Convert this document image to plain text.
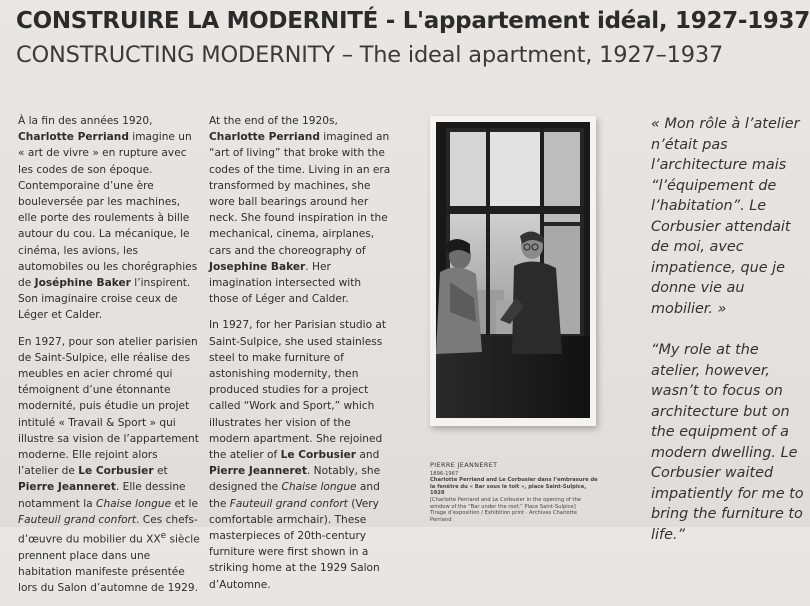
CONSTRUIRE LA MODERNITÉ - L'appartement idéal, 1927-1937
CONSTRUCTING MODERNITY – The ideal apartment, 1927–1937

À la fin des années 1920, Charlotte Perriand imagine un « art de vivre » en rupture avec les codes de son époque. Contemporaine d’une ère bouleversée par les machines, elle porte des roulements à bille autour du cou. La mécanique, le cinéma, les avions, les automobiles ou les chorégraphies de Joséphine Baker l’inspirent. Son imaginaire croise ceux de Léger et Calder.

En 1927, pour son atelier parisien de Saint-Sulpice, elle réalise des meubles en acier chromé qui témoignent d’une étonnante modernité, puis étudie un projet intitulé « Travail & Sport » qui illustre sa vision de l’appartement moderne. Elle rejoint alors l’atelier de Le Corbusier et Pierre Jeanneret. Elle dessine notamment la Chaise longue et le Fauteuil grand confort. Ces chefs-d’œuvre du mobilier du XXe siècle prennent place dans une habitation manifeste présentée lors du Salon d’automne de 1929.

At the end of the 1920s, Charlotte Perriand imagined an “art of living” that broke with the codes of the time. Living in an era transformed by machines, she wore ball bearings around her neck. She found inspiration in the mechanical, cinema, airplanes, cars and the choreography of Josephine Baker. Her imagination intersected with those of Léger and Calder.

In 1927, for her Parisian studio at Saint-Sulpice, she used stainless steel to make furniture of astonishing modernity, then produced studies for a project called “Work and Sport,” which illustrates her vision of the modern apartment. She rejoined the atelier of Le Corbusier and Pierre Jeanneret. Notably, she designed the Chaise longue and the Fauteuil grand confort (Very comfortable armchair). These masterpieces of 20th-century furniture were first shown in a striking home at the 1929 Salon d’Automne.

PIERRE JEANNERET
1896-1967
Charlotte Perriand and Le Corbusier dans l’embrasure de la fenêtre du « Bar sous le toit », place Saint-Sulpice, 1928
[Charlotte Perriand and Le Corbusier in the opening of the window of the “Bar under the roof,” Place Saint-Sulpice]
Tirage d’exposition / Exhibition print · Archives Charlotte Perriand
« Mon rôle à l’atelier n’était pas l’architecture mais “l’équipement de l’habitation”. Le Corbusier attendait de moi, avec impatience, que je donne vie au mobilier. »
“My role at the atelier, however, wasn’t to focus on architecture but on the equipment of a modern dwelling. Le Corbusier waited impatiently for me to bring the furniture to life.”
